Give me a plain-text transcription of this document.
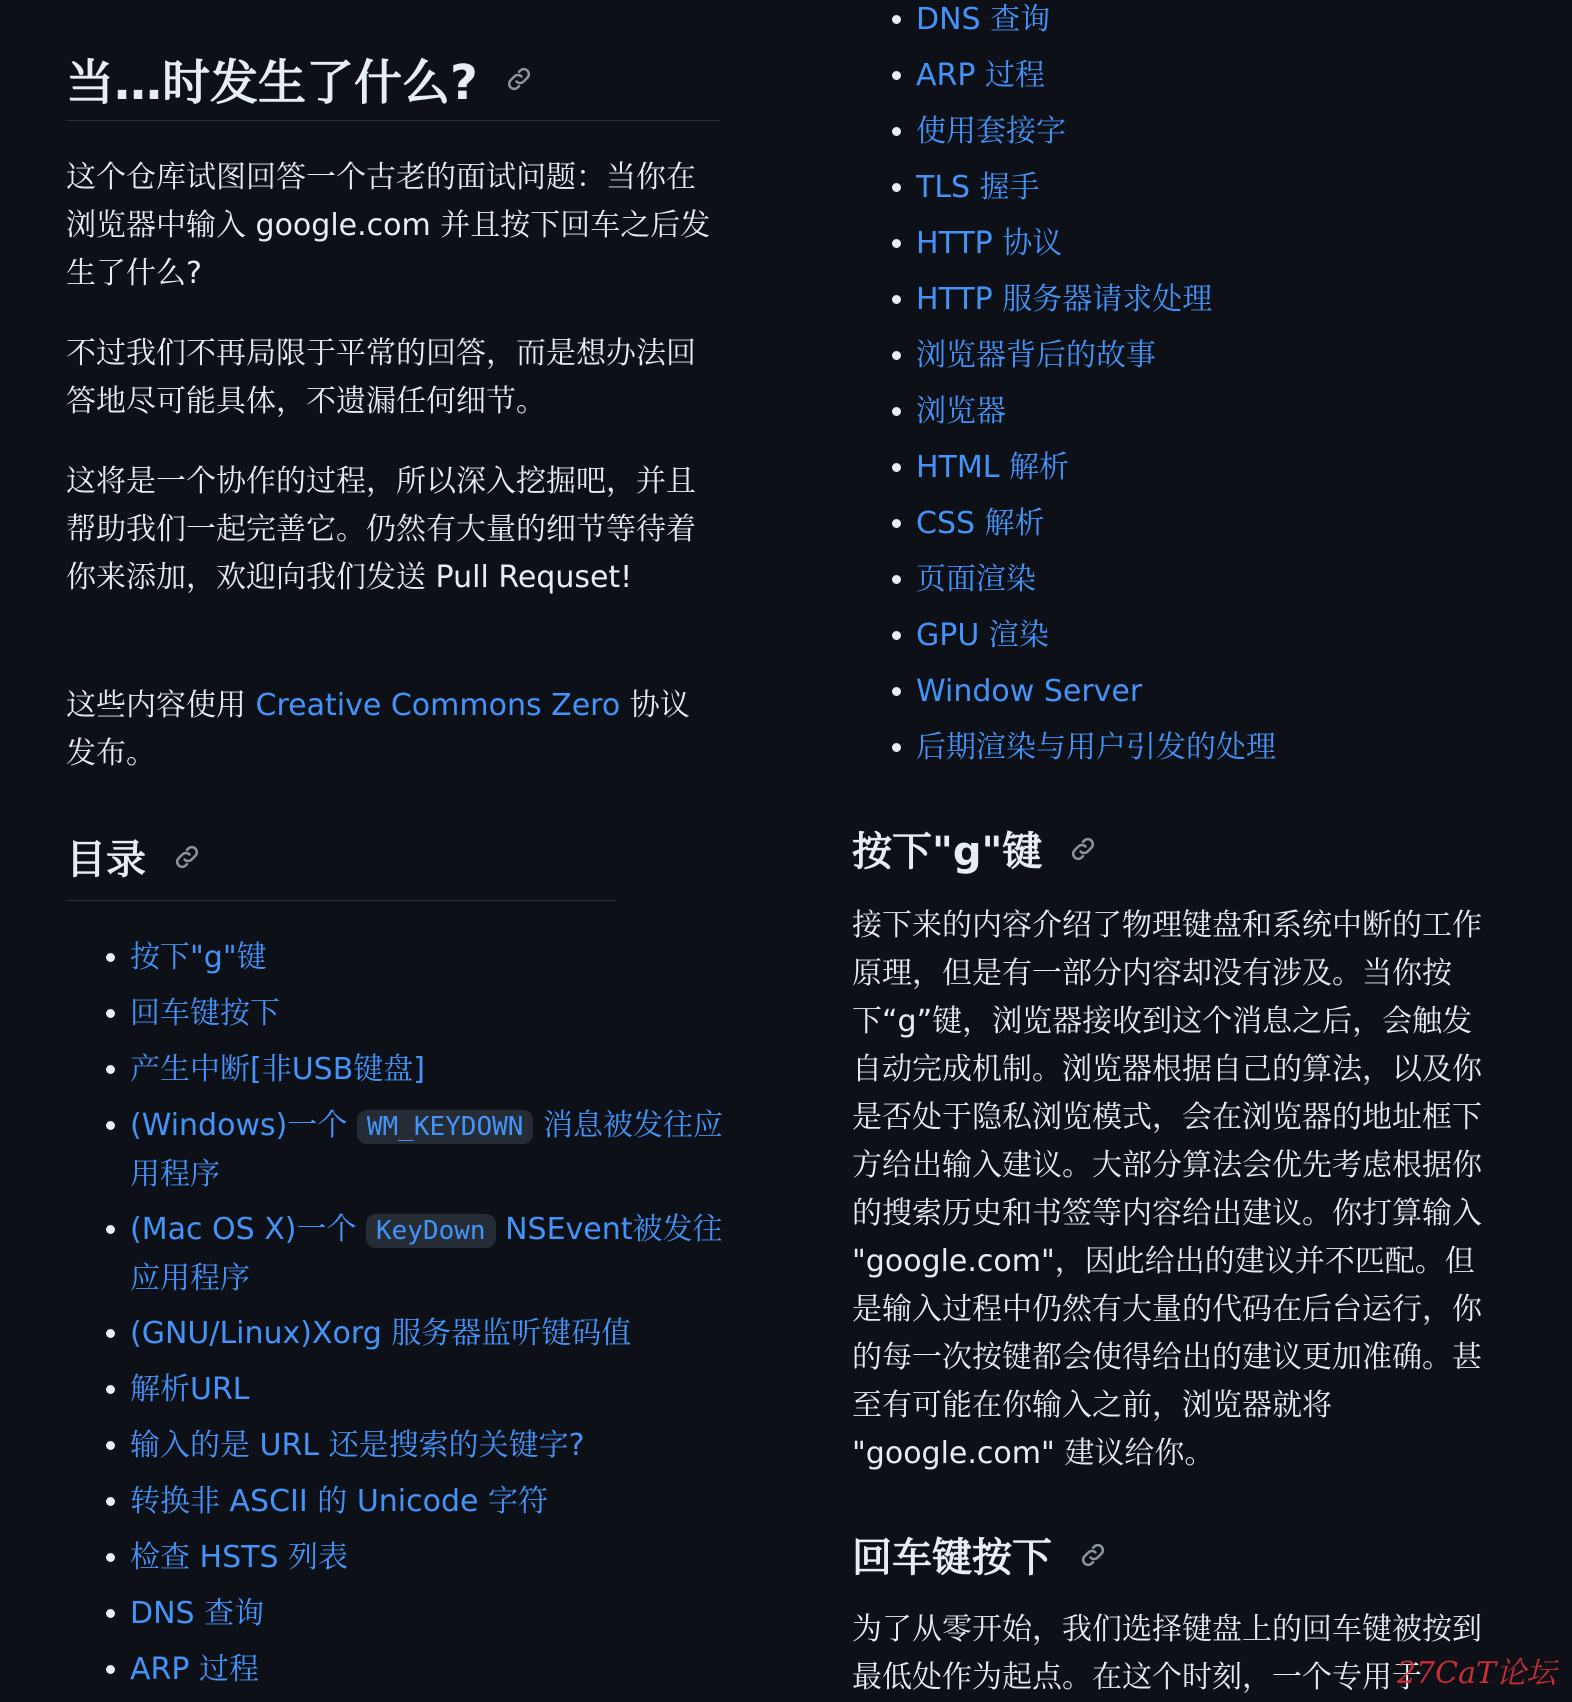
当…时发生了什么?

这个仓库试图回答一个古老的面试问题：当你在浏览器中输入 google.com 并且按下回车之后发生了什么?

不过我们不再局限于平常的回答，而是想办法回答地尽可能具体，不遗漏任何细节。

这将是一个协作的过程，所以深入挖掘吧，并且帮助我们一起完善它。仍然有大量的细节等待着你来添加，欢迎向我们发送 Pull Requset!

这些内容使用 Creative Commons Zero 协议发布。

目录
按下"g"键
回车键按下
产生中断[非USB键盘]
(Windows)一个 WM_KEYDOWN 消息被发往应用程序
(Mac OS X)一个 KeyDown NSEvent被发往应用程序
(GNU/Linux)Xorg 服务器监听键码值
解析URL
输入的是 URL 还是搜索的关键字?
转换非 ASCII 的 Unicode 字符
检查 HSTS 列表
DNS 查询
ARP 过程
DNS 查询
ARP 过程
使用套接字
TLS 握手
HTTP 协议
HTTP 服务器请求处理
浏览器背后的故事
浏览器
HTML 解析
CSS 解析
页面渲染
GPU 渲染
Window Server
后期渲染与用户引发的处理
按下"g"键

接下来的内容介绍了物理键盘和系统中断的工作原理，但是有一部分内容却没有涉及。当你按下“g”键，浏览器接收到这个消息之后，会触发自动完成机制。浏览器根据自己的算法，以及你是否处于隐私浏览模式，会在浏览器的地址框下方给出输入建议。大部分算法会优先考虑根据你的搜索历史和书签等内容给出建议。你打算输入 "google.com"，因此给出的建议并不匹配。但是输入过程中仍然有大量的代码在后台运行，你的每一次按键都会使得给出的建议更加准确。甚至有可能在你输入之前，浏览器就将 "google.com" 建议给你。

回车键按下

为了从零开始，我们选择键盘上的回车键被按到最低处作为起点。在这个时刻，一个专用于

27CaT论坛
